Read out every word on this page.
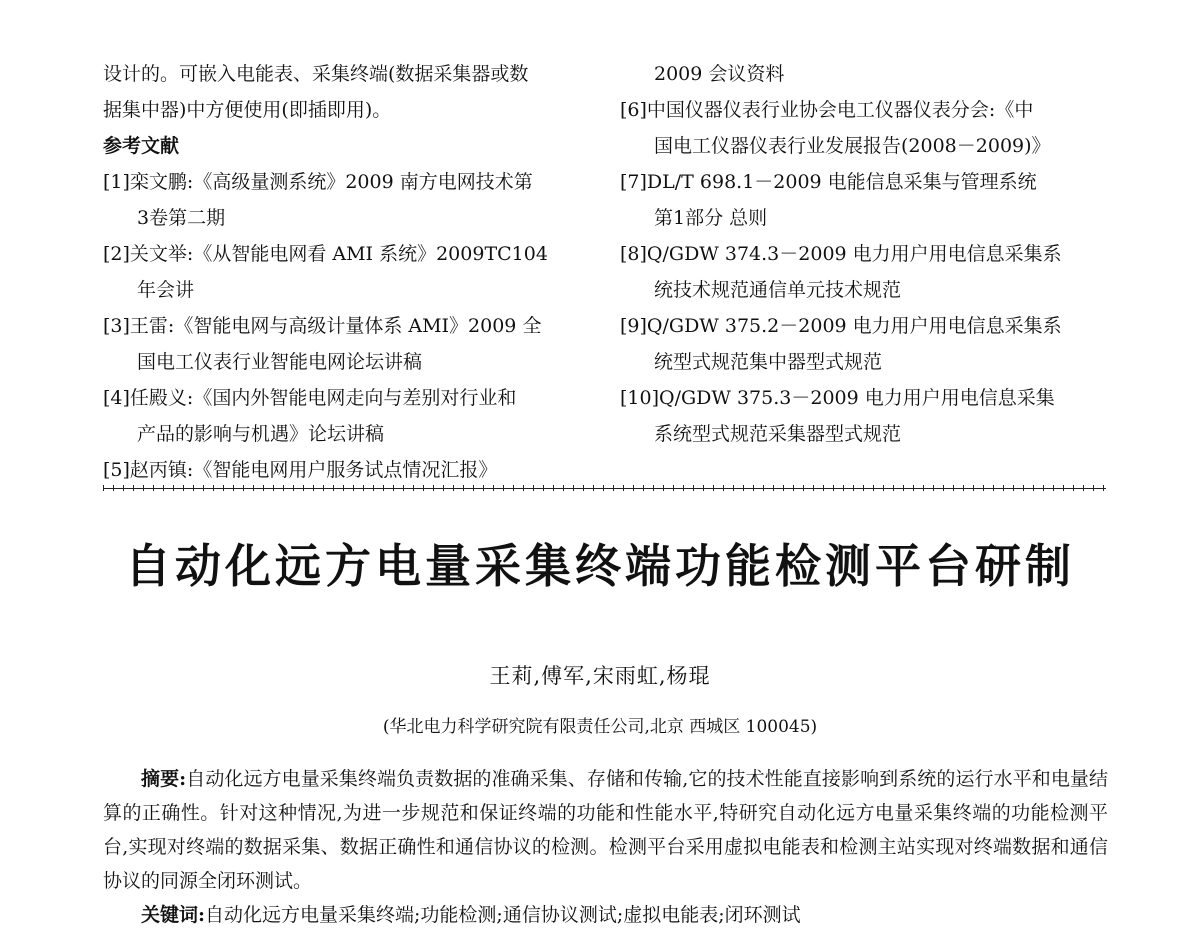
设计的。可嵌入电能表、采集终端(数据采集器或数
据集中器)中方便使用(即插即用)。
参考文献
[1]栾文鹏:《高级量测系统》2009 南方电网技术第
3卷第二期
[2]关文举:《从智能电网看 AMI 系统》2009TC104
年会讲
[3]王雷:《智能电网与高级计量体系 AMI》2009 全
国电工仪表行业智能电网论坛讲稿
[4]任殿义:《国内外智能电网走向与差别对行业和
产品的影响与机遇》论坛讲稿
[5]赵丙镇:《智能电网用户服务试点情况汇报》
2009 会议资料
[6]中国仪器仪表行业协会电工仪器仪表分会:《中
国电工仪器仪表行业发展报告(2008－2009)》
[7]DL/T 698.1－2009 电能信息采集与管理系统
第1部分 总则
[8]Q/GDW 374.3－2009 电力用户用电信息采集系
统技术规范通信单元技术规范
[9]Q/GDW 375.2－2009 电力用户用电信息采集系
统型式规范集中器型式规范
[10]Q/GDW 375.3－2009 电力用户用电信息采集
系统型式规范采集器型式规范
自动化远方电量采集终端功能检测平台研制
王莉,傅军,宋雨虹,杨琨
(华北电力科学研究院有限责任公司,北京 西城区 100045)

摘要:自动化远方电量采集终端负责数据的准确采集、存储和传输,它的技术性能直接影响到系统的运行水平和电量结算的正确性。针对这种情况,为进一步规范和保证终端的功能和性能水平,特研究自动化远方电量采集终端的功能检测平台,实现对终端的数据采集、数据正确性和通信协议的检测。检测平台采用虚拟电能表和检测主站实现对终端数据和通信协议的同源全闭环测试。

关键词:自动化远方电量采集终端;功能检测;通信协议测试;虚拟电能表;闭环测试
